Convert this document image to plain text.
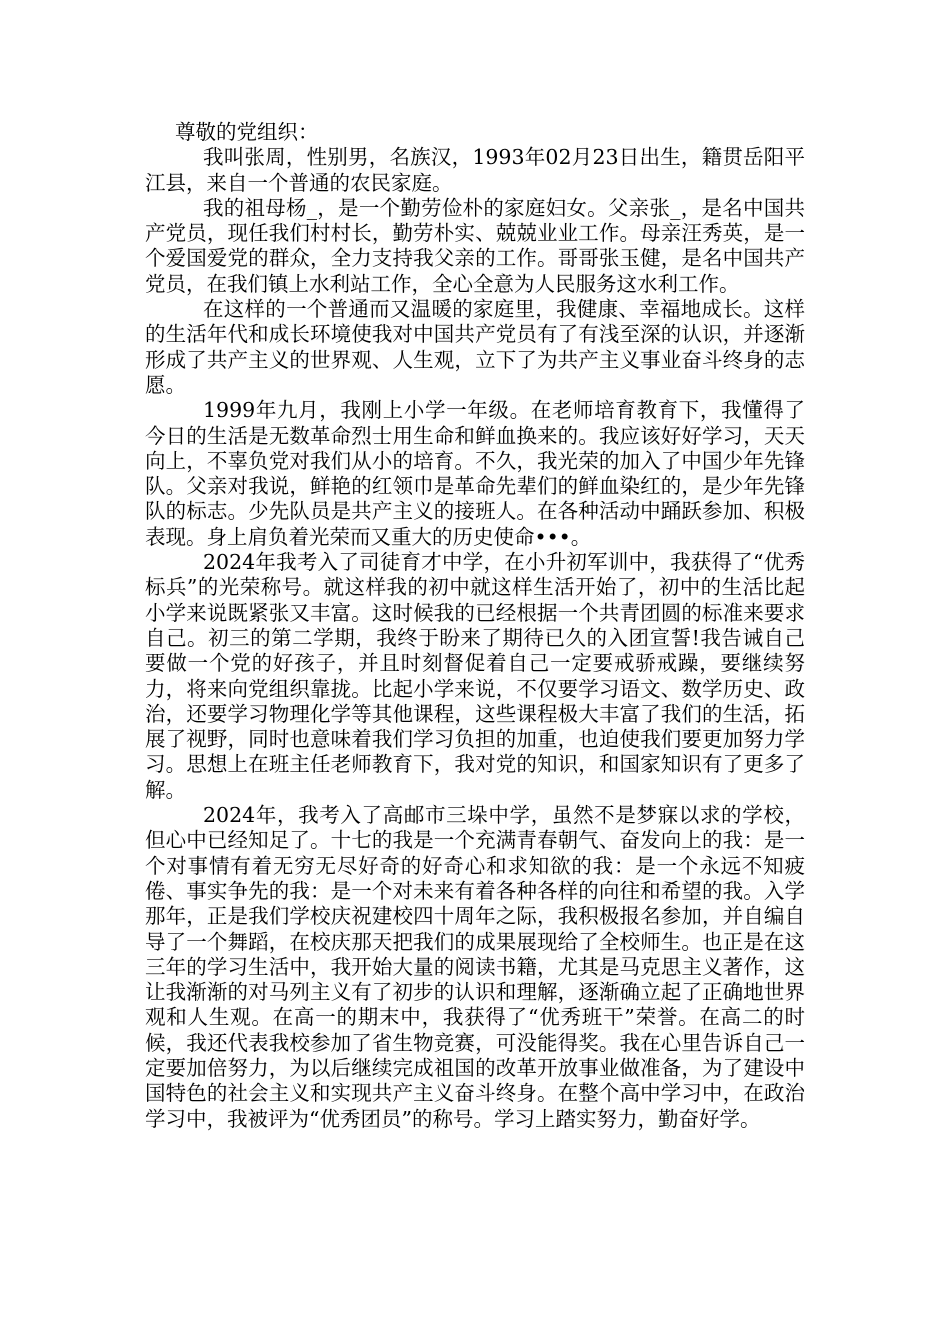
尊敬的党组织：

我叫张周，性别男，名族汉，1993年02月23日出生，籍贯岳阳平江县，来自一个普通的农民家庭。

我的祖母杨_，是一个勤劳俭朴的家庭妇女。父亲张_，是名中国共产党员，现任我们村村长，勤劳朴实、兢兢业业工作。母亲汪秀英，是一个爱国爱党的群众，全力支持我父亲的工作。哥哥张玉健，是名中国共产党员，在我们镇上水利站工作，全心全意为人民服务这水利工作。

在这样的一个普通而又温暖的家庭里，我健康、幸福地成长。这样的生活年代和成长环境使我对中国共产党员有了有浅至深的认识，并逐渐形成了共产主义的世界观、人生观，立下了为共产主义事业奋斗终身的志愿。

1999年九月，我刚上小学一年级。在老师培育教育下，我懂得了今日的生活是无数革命烈士用生命和鲜血换来的。我应该好好学习，天天向上，不辜负党对我们从小的培育。不久，我光荣的加入了中国少年先锋队。父亲对我说，鲜艳的红领巾是革命先辈们的鲜血染红的，是少年先锋队的标志。少先队员是共产主义的接班人。在各种活动中踊跃参加、积极表现。身上肩负着光荣而又重大的历史使命•••。

2024年我考入了司徒育才中学，在小升初军训中，我获得了“优秀标兵”的光荣称号。就这样我的初中就这样生活开始了，初中的生活比起小学来说既紧张又丰富。这时候我的已经根据一个共青团圆的标准来要求自己。初三的第二学期，我终于盼来了期待已久的入团宣誓!我告诫自己要做一个党的好孩子，并且时刻督促着自己一定要戒骄戒躁，要继续努力，将来向党组织靠拢。比起小学来说，不仅要学习语文、数学历史、政治，还要学习物理化学等其他课程，这些课程极大丰富了我们的生活，拓展了视野，同时也意味着我们学习负担的加重，也迫使我们要更加努力学习。思想上在班主任老师教育下，我对党的知识，和国家知识有了更多了解。

2024年，我考入了高邮市三垛中学，虽然不是梦寐以求的学校，但心中已经知足了。十七的我是一个充满青春朝气、奋发向上的我：是一个对事情有着无穷无尽好奇的好奇心和求知欲的我：是一个永远不知疲倦、事实争先的我：是一个对未来有着各种各样的向往和希望的我。入学那年，正是我们学校庆祝建校四十周年之际，我积极报名参加，并自编自导了一个舞蹈，在校庆那天把我们的成果展现给了全校师生。也正是在这三年的学习生活中，我开始大量的阅读书籍，尤其是马克思主义著作，这让我渐渐的对马列主义有了初步的认识和理解，逐渐确立起了正确地世界观和人生观。在高一的期末中，我获得了“优秀班干”荣誉。在高二的时候，我还代表我校参加了省生物竞赛，可没能得奖。我在心里告诉自己一定要加倍努力，为以后继续完成祖国的改革开放事业做准备，为了建设中国特色的社会主义和实现共产主义奋斗终身。在整个高中学习中，在政治学习中，我被评为“优秀团员”的称号。学习上踏实努力，勤奋好学。
